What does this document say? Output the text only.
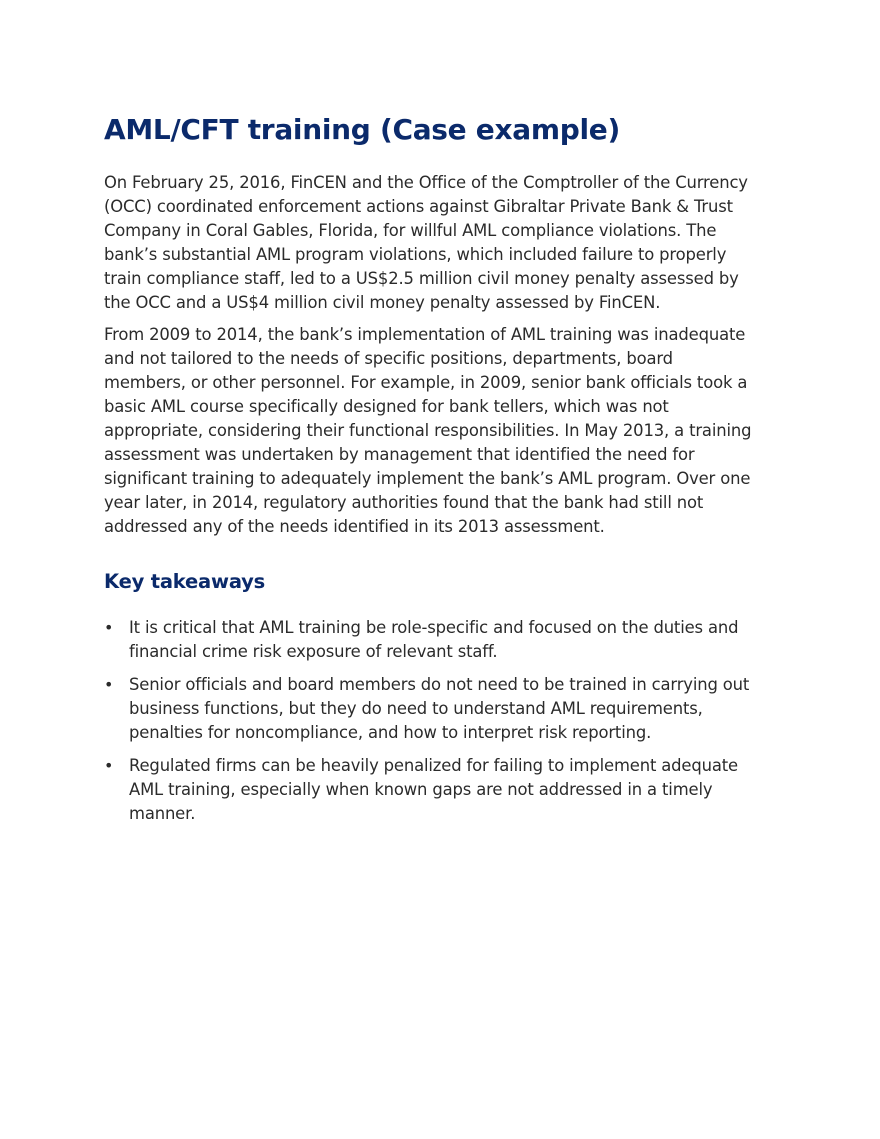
AML/CFT training (Case example)

On February 25, 2016, FinCEN and the Office of the Comptroller of the Currency (OCC) coordinated enforcement actions against Gibraltar Private Bank & Trust Company in Coral Gables, Florida, for willful AML compliance violations. The bank’s substantial AML program violations, which included failure to properly train compliance staff, led to a US$2.5 million civil money penalty assessed by the OCC and a US$4 million civil money penalty assessed by FinCEN.

From 2009 to 2014, the bank’s implementation of AML training was inadequate and not tailored to the needs of specific positions, departments, board members, or other personnel. For example, in 2009, senior bank officials took a basic AML course specifically designed for bank tellers, which was not appropriate, considering their functional responsibilities. In May 2013, a training assessment was undertaken by management that identified the need for significant training to adequately implement the bank’s AML program. Over one year later, in 2014, regulatory authorities found that the bank had still not addressed any of the needs identified in its 2013 assessment.

Key takeaways
• It is critical that AML training be role-specific and focused on the duties and financial crime risk exposure of relevant staff.
• Senior officials and board members do not need to be trained in carrying out business functions, but they do need to understand AML requirements, penalties for noncompliance, and how to interpret risk reporting.
• Regulated firms can be heavily penalized for failing to implement adequate AML training, especially when known gaps are not addressed in a timely manner.
